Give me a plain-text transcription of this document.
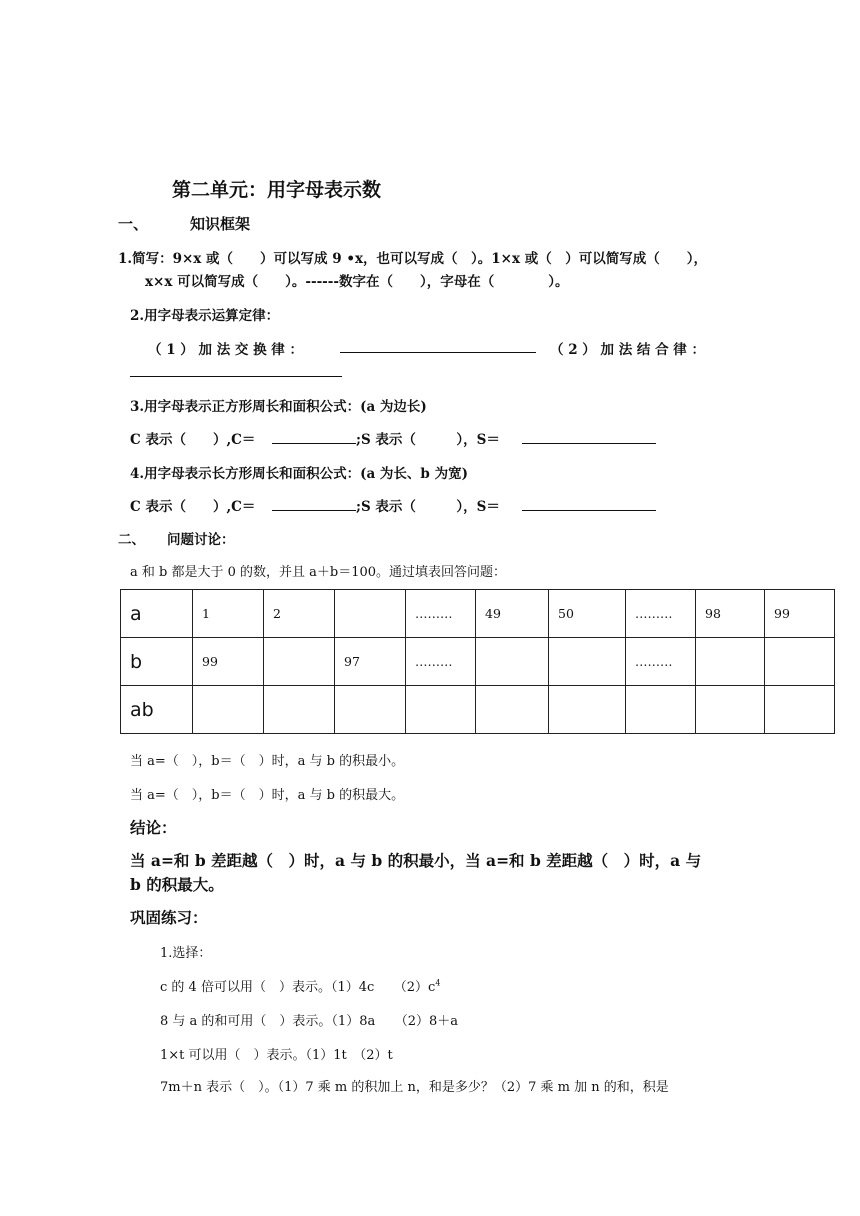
第二单元：用字母表示数
一、	知识框架
1.简写：9×x 或（　　）可以写成 9 •x，也可以写成（　）。1×x 或（　）可以简写成（　　），
x×x 可以简写成（　　）。------数字在（　　），字母在（　　　　）。
2.用字母表示运算定律：
（ 1 ） 加 法 交 换 律 ：	（ 2 ） 加 法 结 合 律 ：
3.用字母表示正方形周长和面积公式：(a 为边长)
C 表示（　　）,C＝	;S 表示（　　　），S＝
4.用字母表示长方形周长和面积公式：(a 为长、b 为宽)
C 表示（　　）,C＝	;S 表示（　　　），S＝
二、 问题讨论：
a 和 b 都是大于 0 的数，并且 a＋b＝100。通过填表回答问题：
a	1	2		………	49	50	………	98	99
b	99		97	………			………		
ab									
当 a=（　），b＝（　）时，a 与 b 的积最小。
当 a=（　），b＝（　）时，a 与 b 的积最大。
结论：
当 a=和 b 差距越（　）时，a 与 b 的积最小，当 a=和 b 差距越（　）时，a 与
b 的积最大。
巩固练习：
1.选择：
c 的 4 倍可以用（　）表示。（1）4c　　$(2)c^4$
8 与 a 的和可用（　）表示。（1）8a　　（2）8＋a
1×t 可以用（　）表示。（1）1t　（2）t
7m＋n 表示（　）。（1）7 乘 m 的积加上 n，和是多少？（2）7 乘 m 加 n 的和，积是
